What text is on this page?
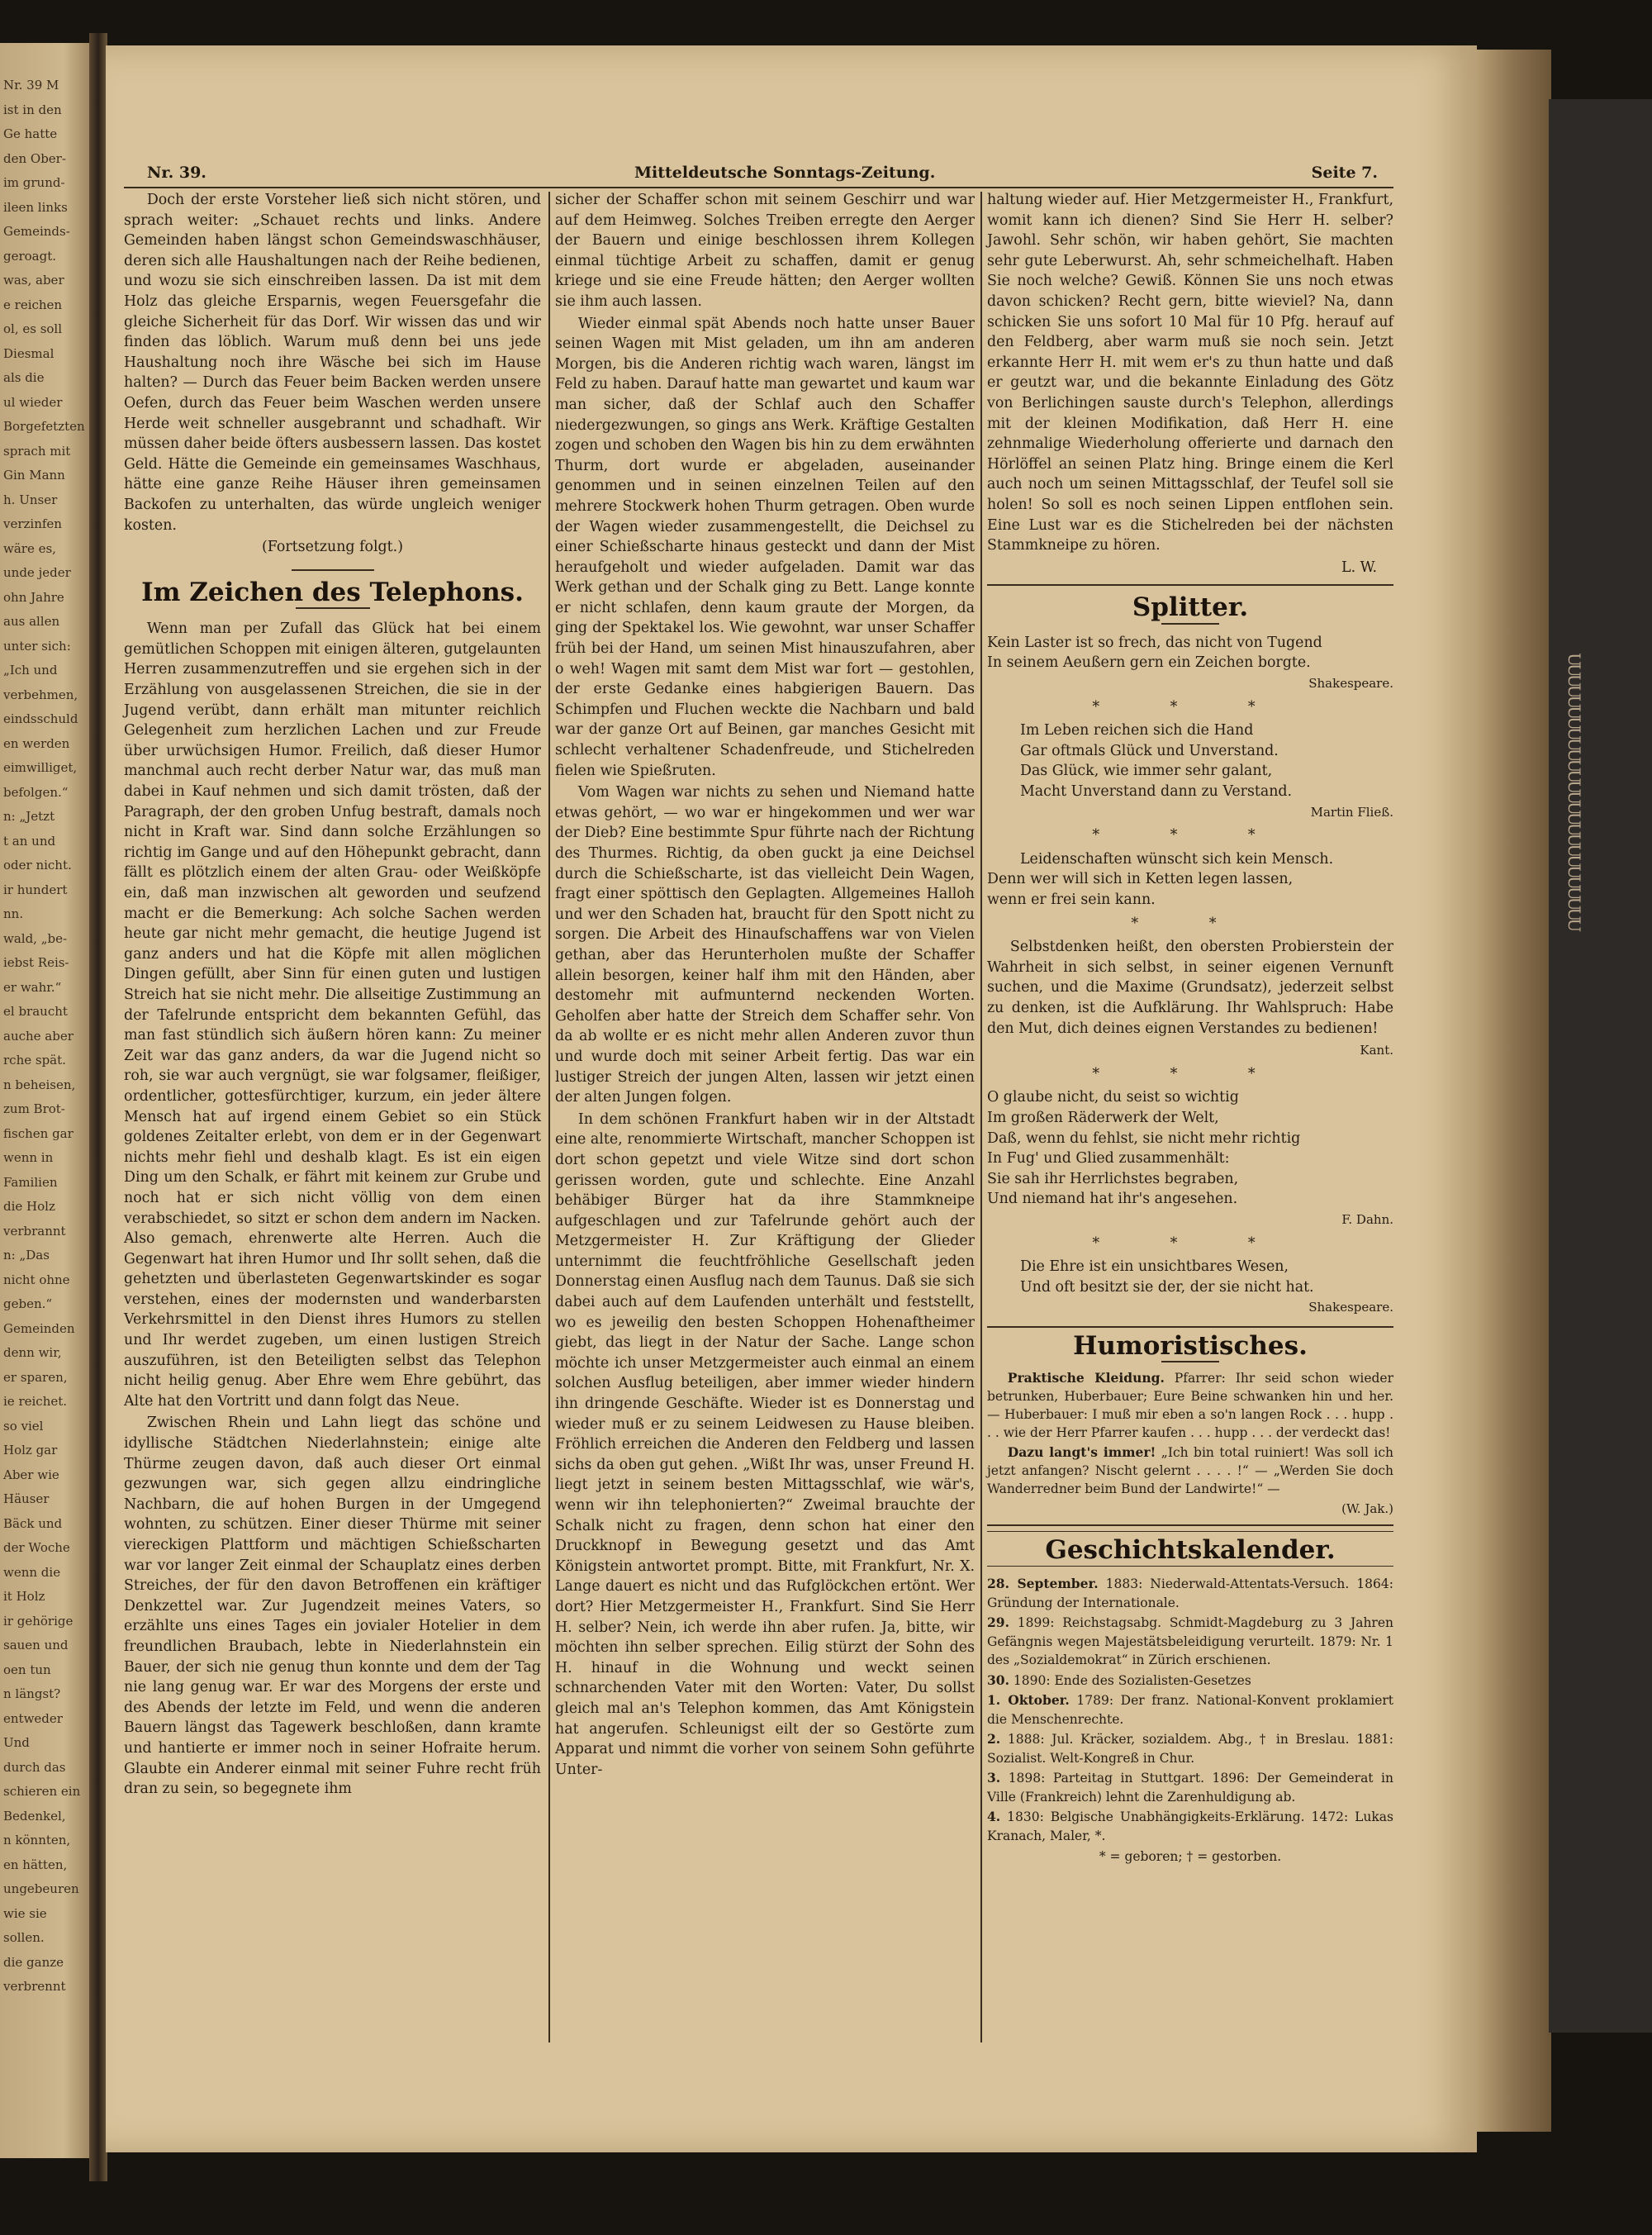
Nr. 39 M
ist in den
Ge hatte
den Ober-
im grund-
ileen links
Gemeinds-
geroagt.
was, aber
e reichen
ol, es soll
Diesmal
als die
ul wieder
Borgefetzten
sprach mit
Gin Mann
h. Unser
verzinfen
wäre es,
unde jeder
ohn Jahre
aus allen
unter sich:
„Ich und
verbehmen,
eindsschuld
en werden
eimwilliget,
befolgen.“
n: „Jetzt
t an und
oder nicht.
ir hundert
nn.
wald, „be-
iebst Reis-
er wahr.“
el braucht
auche aber
rche spät.
n beheisen,
zum Brot-
fischen gar
wenn in
Familien
die Holz
verbrannt
n: „Das
nicht ohne
geben.“
Gemeinden
denn wir,
er sparen,
ie reichet.
so viel
Holz gar
Aber wie
Häuser
Bäck und
der Woche
wenn die
it Holz
ir gehörige
sauen und
oen tun
n längst?
entweder
Und
durch das
schieren ein
Bedenkel,
n könnten,
en hätten,
ungebeuren
wie sie
sollen.
die ganze
verbrennt
UUUUUUUUUUUUUUUUUUUUUUUUUU
Nr. 39.	Mitteldeutsche Sonntags-Zeitung.	Seite 7.

Doch der erste Vorsteher ließ sich nicht stören, und sprach weiter: „Schauet rechts und links. Andere Gemeinden haben längst schon Gemeindswaschhäuser, deren sich alle Haushaltungen nach der Reihe bedienen, und wozu sie sich einschreiben lassen. Da ist mit dem Holz das gleiche Ersparnis, wegen Feuersgefahr die gleiche Sicherheit für das Dorf. Wir wissen das und wir finden das löblich. Warum muß denn bei uns jede Haushaltung noch ihre Wäsche bei sich im Hause halten? — Durch das Feuer beim Backen werden unsere Oefen, durch das Feuer beim Waschen werden unsere Herde weit schneller ausgebrannt und schadhaft. Wir müssen daher beide öfters ausbessern lassen. Das kostet Geld. Hätte die Gemeinde ein gemeinsames Waschhaus, hätte eine ganze Reihe Häuser ihren gemeinsamen Backofen zu unterhalten, das würde ungleich weniger kosten.

(Fortsetzung folgt.)

Im Zeichen des Telephons.

Wenn man per Zufall das Glück hat bei einem gemütlichen Schoppen mit einigen älteren, gutgelaunten Herren zusammenzutreffen und sie ergehen sich in der Erzählung von ausgelassenen Streichen, die sie in der Jugend verübt, dann erhält man mitunter reichlich Gelegenheit zum herzlichen Lachen und zur Freude über urwüchsigen Humor. Freilich, daß dieser Humor manchmal auch recht derber Natur war, das muß man dabei in Kauf nehmen und sich damit trösten, daß der Paragraph, der den groben Unfug bestraft, damals noch nicht in Kraft war. Sind dann solche Erzählungen so richtig im Gange und auf den Höhepunkt gebracht, dann fällt es plötzlich einem der alten Grau- oder Weißköpfe ein, daß man inzwischen alt geworden und seufzend macht er die Bemerkung: Ach solche Sachen werden heute gar nicht mehr gemacht, die heutige Jugend ist ganz anders und hat die Köpfe mit allen möglichen Dingen gefüllt, aber Sinn für einen guten und lustigen Streich hat sie nicht mehr. Die allseitige Zustimmung an der Tafelrunde entspricht dem bekannten Gefühl, das man fast stündlich sich äußern hören kann: Zu meiner Zeit war das ganz anders, da war die Jugend nicht so roh, sie war auch vergnügt, sie war folgsamer, fleißiger, ordentlicher, gottesfürchtiger, kurzum, ein jeder ältere Mensch hat auf irgend einem Gebiet so ein Stück goldenes Zeitalter erlebt, von dem er in der Gegenwart nichts mehr fiehl und deshalb klagt. Es ist ein eigen Ding um den Schalk, er fährt mit keinem zur Grube und noch hat er sich nicht völlig von dem einen verabschiedet, so sitzt er schon dem andern im Nacken. Also gemach, ehrenwerte alte Herren. Auch die Gegenwart hat ihren Humor und Ihr sollt sehen, daß die gehetzten und überlasteten Gegenwartskinder es sogar verstehen, eines der modernsten und wanderbarsten Verkehrsmittel in den Dienst ihres Humors zu stellen und Ihr werdet zugeben, um einen lustigen Streich auszuführen, ist den Beteiligten selbst das Telephon nicht heilig genug. Aber Ehre wem Ehre gebührt, das Alte hat den Vortritt und dann folgt das Neue.

Zwischen Rhein und Lahn liegt das schöne und idyllische Städtchen Niederlahnstein; einige alte Thürme zeugen davon, daß auch dieser Ort einmal gezwungen war, sich gegen allzu eindringliche Nachbarn, die auf hohen Burgen in der Umgegend wohnten, zu schützen. Einer dieser Thürme mit seiner viereckigen Plattform und mächtigen Schießscharten war vor langer Zeit einmal der Schauplatz eines derben Streiches, der für den davon Betroffenen ein kräftiger Denkzettel war. Zur Jugendzeit meines Vaters, so erzählte uns eines Tages ein jovialer Hotelier in dem freundlichen Braubach, lebte in Niederlahnstein ein Bauer, der sich nie genug thun konnte und dem der Tag nie lang genug war. Er war des Morgens der erste und des Abends der letzte im Feld, und wenn die anderen Bauern längst das Tagewerk beschloßen, dann kramte und hantierte er immer noch in seiner Hofraite herum. Glaubte ein Anderer einmal mit seiner Fuhre recht früh dran zu sein, so begegnete ihm

sicher der Schaffer schon mit seinem Geschirr und war auf dem Heimweg. Solches Treiben erregte den Aerger der Bauern und einige beschlossen ihrem Kollegen einmal tüchtige Arbeit zu schaffen, damit er genug kriege und sie eine Freude hätten; den Aerger wollten sie ihm auch lassen.

Wieder einmal spät Abends noch hatte unser Bauer seinen Wagen mit Mist geladen, um ihn am anderen Morgen, bis die Anderen richtig wach waren, längst im Feld zu haben. Darauf hatte man gewartet und kaum war man sicher, daß der Schlaf auch den Schaffer niedergezwungen, so gings ans Werk. Kräftige Gestalten zogen und schoben den Wagen bis hin zu dem erwähnten Thurm, dort wurde er abgeladen, auseinander genommen und in seinen einzelnen Teilen auf den mehrere Stockwerk hohen Thurm getragen. Oben wurde der Wagen wieder zusammengestellt, die Deichsel zu einer Schießscharte hinaus gesteckt und dann der Mist heraufgeholt und wieder aufgeladen. Damit war das Werk gethan und der Schalk ging zu Bett. Lange konnte er nicht schlafen, denn kaum graute der Morgen, da ging der Spektakel los. Wie gewohnt, war unser Schaffer früh bei der Hand, um seinen Mist hinauszufahren, aber o weh! Wagen mit samt dem Mist war fort — gestohlen, der erste Gedanke eines habgierigen Bauern. Das Schimpfen und Fluchen weckte die Nachbarn und bald war der ganze Ort auf Beinen, gar manches Gesicht mit schlecht verhaltener Schadenfreude, und Stichelreden fielen wie Spießruten.

Vom Wagen war nichts zu sehen und Niemand hatte etwas gehört, — wo war er hingekommen und wer war der Dieb? Eine bestimmte Spur führte nach der Richtung des Thurmes. Richtig, da oben guckt ja eine Deichsel durch die Schießscharte, ist das vielleicht Dein Wagen, fragt einer spöttisch den Geplagten. Allgemeines Halloh und wer den Schaden hat, braucht für den Spott nicht zu sorgen. Die Arbeit des Hinaufschaffens war von Vielen gethan, aber das Herunterholen mußte der Schaffer allein besorgen, keiner half ihm mit den Händen, aber destomehr mit aufmunternd neckenden Worten. Geholfen aber hatte der Streich dem Schaffer sehr. Von da ab wollte er es nicht mehr allen Anderen zuvor thun und wurde doch mit seiner Arbeit fertig. Das war ein lustiger Streich der jungen Alten, lassen wir jetzt einen der alten Jungen folgen.

In dem schönen Frankfurt haben wir in der Altstadt eine alte, renommierte Wirtschaft, mancher Schoppen ist dort schon gepetzt und viele Witze sind dort schon gerissen worden, gute und schlechte. Eine Anzahl behäbiger Bürger hat da ihre Stammkneipe aufgeschlagen und zur Tafelrunde gehört auch der Metzgermeister H. Zur Kräftigung der Glieder unternimmt die feuchtfröhliche Gesellschaft jeden Donnerstag einen Ausflug nach dem Taunus. Daß sie sich dabei auch auf dem Laufenden unterhält und feststellt, wo es jeweilig den besten Schoppen Hohenaftheimer giebt, das liegt in der Natur der Sache. Lange schon möchte ich unser Metzgermeister auch einmal an einem solchen Ausflug beteiligen, aber immer wieder hindern ihn dringende Geschäfte. Wieder ist es Donnerstag und wieder muß er zu seinem Leidwesen zu Hause bleiben. Fröhlich erreichen die Anderen den Feldberg und lassen sichs da oben gut gehen. „Wißt Ihr was, unser Freund H. liegt jetzt in seinem besten Mittagsschlaf, wie wär's, wenn wir ihn telephonierten?“ Zweimal brauchte der Schalk nicht zu fragen, denn schon hat einer den Druckknopf in Bewegung gesetzt und das Amt Königstein antwortet prompt. Bitte, mit Frankfurt, Nr. X. Lange dauert es nicht und das Rufglöckchen ertönt. Wer dort? Hier Metzgermeister H., Frankfurt. Sind Sie Herr H. selber? Nein, ich werde ihn aber rufen. Ja, bitte, wir möchten ihn selber sprechen. Eilig stürzt der Sohn des H. hinauf in die Wohnung und weckt seinen schnarchenden Vater mit den Worten: Vater, Du sollst gleich mal an's Telephon kommen, das Amt Königstein hat angerufen. Schleunigst eilt der so Gestörte zum Apparat und nimmt die vorher von seinem Sohn geführte Unter-

haltung wieder auf. Hier Metzgermeister H., Frankfurt, womit kann ich dienen? Sind Sie Herr H. selber? Jawohl. Sehr schön, wir haben gehört, Sie machten sehr gute Leberwurst. Ah, sehr schmeichelhaft. Haben Sie noch welche? Gewiß. Können Sie uns noch etwas davon schicken? Recht gern, bitte wieviel? Na, dann schicken Sie uns sofort 10 Mal für 10 Pfg. herauf auf den Feldberg, aber warm muß sie noch sein. Jetzt erkannte Herr H. mit wem er's zu thun hatte und daß er geutzt war, und die bekannte Einladung des Götz von Berlichingen sauste durch's Telephon, allerdings mit der kleinen Modifikation, daß Herr H. eine zehnmalige Wiederholung offerierte und darnach den Hörlöffel an seinen Platz hing. Bringe einem die Kerl auch noch um seinen Mittagsschlaf, der Teufel soll sie holen! So soll es noch seinen Lippen entflohen sein. Eine Lust war es die Stichelreden bei der nächsten Stammkneipe zu hören.

L. W.

Splitter.
Kein Laster ist so frech, das nicht von Tugend
In seinem Aeußern gern ein Zeichen borgte.
Shakespeare.
* * *
Im Leben reichen sich die Hand
Gar oftmals Glück und Unverstand.
Das Glück, wie immer sehr galant,
Macht Unverstand dann zu Verstand.
Martin Fließ.
* * *
Leidenschaften wünscht sich kein Mensch.
Denn wer will sich in Ketten legen lassen,
wenn er frei sein kann.
* *

Selbstdenken heißt, den obersten Probierstein der Wahrheit in sich selbst, in seiner eigenen Vernunft suchen, und die Maxime (Grundsatz), jederzeit selbst zu denken, ist die Aufklärung. Ihr Wahlspruch: Habe den Mut, dich deines eignen Verstandes zu bedienen!

Kant.
* * *
O glaube nicht, du seist so wichtig
Im großen Räderwerk der Welt,
Daß, wenn du fehlst, sie nicht mehr richtig
In Fug' und Glied zusammenhält:
Sie sah ihr Herrlichstes begraben,
Und niemand hat ihr's angesehen.
F. Dahn.
* * *
Die Ehre ist ein unsichtbares Wesen,
Und oft besitzt sie der, der sie nicht hat.
Shakespeare.
Humoristisches.

Praktische Kleidung. Pfarrer: Ihr seid schon wieder betrunken, Huberbauer; Eure Beine schwanken hin und her. — Huberbauer: I muß mir eben a so'n langen Rock . . . hupp . . . wie der Herr Pfarrer kaufen . . . hupp . . . der verdeckt das!

Dazu langt's immer! „Ich bin total ruiniert! Was soll ich jetzt anfangen? Nischt gelernt . . . . !“ — „Werden Sie doch Wanderredner beim Bund der Landwirte!“ —

(W. Jak.)
Geschichtskalender.

28. September. 1883: Niederwald-Attentats-Versuch. 1864: Gründung der Internationale.

29. 1899: Reichstagsabg. Schmidt-Magdeburg zu 3 Jahren Gefängnis wegen Majestätsbeleidigung verurteilt. 1879: Nr. 1 des „Sozialdemokrat“ in Zürich erschienen.

30. 1890: Ende des Sozialisten-Gesetzes

1. Oktober. 1789: Der franz. National-Konvent proklamiert die Menschenrechte.

2. 1888: Jul. Kräcker, sozialdem. Abg., † in Breslau. 1881: Sozialist. Welt-Kongreß in Chur.

3. 1898: Parteitag in Stuttgart. 1896: Der Gemeinderat in Ville (Frankreich) lehnt die Zarenhuldigung ab.

4. 1830: Belgische Unabhängigkeits-Erklärung. 1472: Lukas Kranach, Maler, *.

* = geboren; † = gestorben.
